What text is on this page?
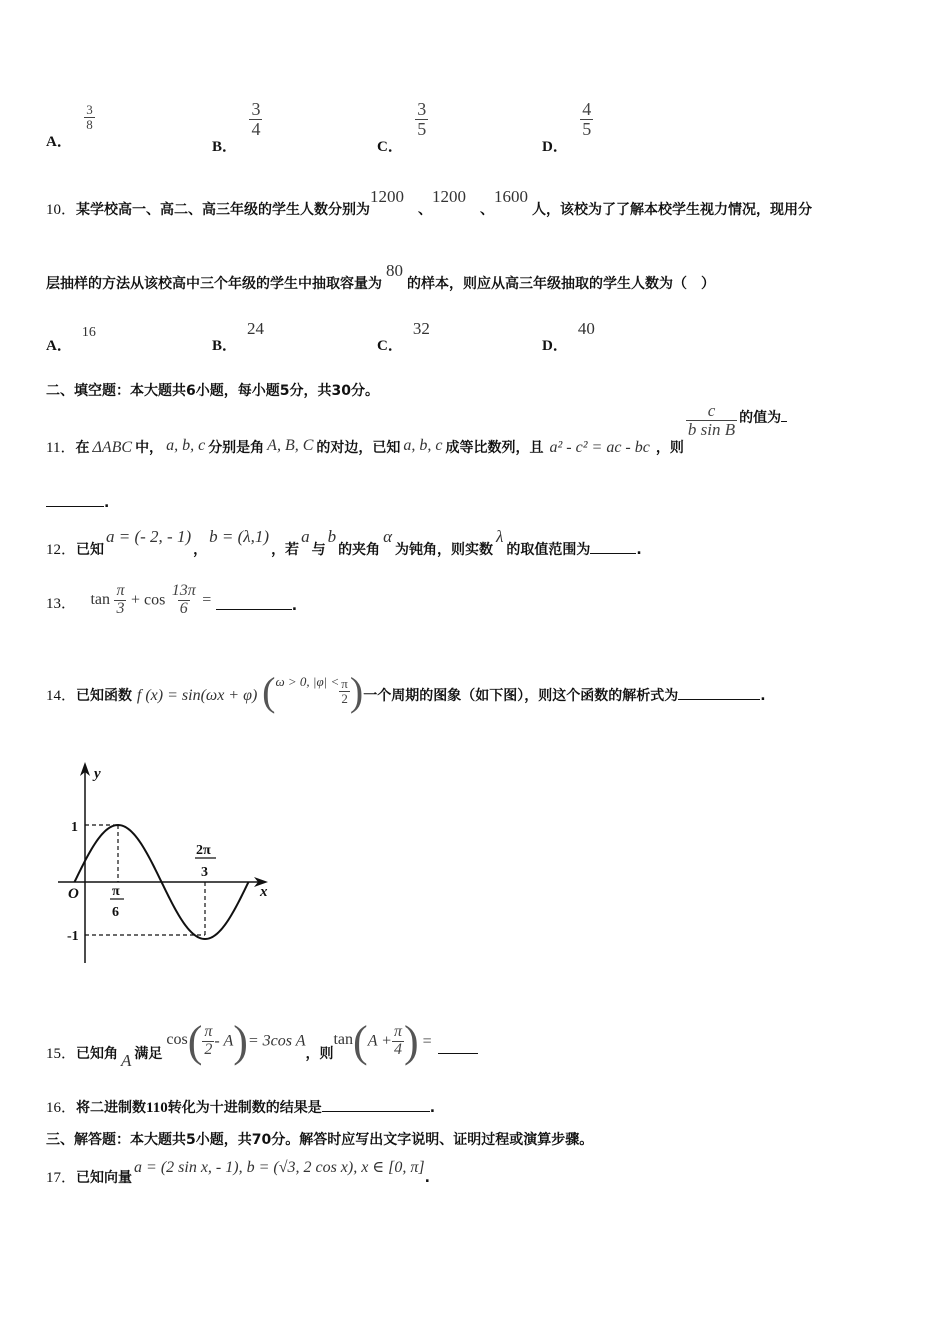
A．
$\frac{3}{8}$
B．
$\frac{3}{4}$
C．
$\frac{3}{5}$
D．
$\frac{4}{5}$
10．某学校高一、高二、高三年级的学生人数分别为1200、1200、1600人，该校为了了解本校学生视力情况，现用分
层抽样的方法从该校高中三个年级的学生中抽取容量为80的样本，则应从高三年级抽取的学生人数为（　）
A．16
B．24
C．32
D．40
二、填空题：本大题共6小题，每小题5分，共30分。
11．在 ΔABC 中， a, b, c 分别是角 A, B, C 的对边，已知 a, b, c 成等比数列，且 a² - c² = ac - bc ，则
$\frac{c}{\text{b sin B}}$ 的值为
.
12．已知a = (- 2, - 1)，b = (λ,1)，若a与b的夹角α为钝角，则实数λ的取值范围为	.
13． $\tan \frac{\pi}{3} + \cos \frac{13\pi}{6}$ =	.
14．已知函数 f (x) = sin(ωx + φ) (ω > 0, $|\varphi| < \frac{\pi}{2}$ )一个周期的图象（如下图），则这个函数的解析式为	.
y
x
O
1
-1
π
6
2π
3
15．已知角 A 满足$\cos( \frac{\pi}{2} - A)= 3\cos$ A，则$\tan(A + \frac{\pi}{4}$ ) =
16．将二进制数110转化为十进制数的结果是	.
三、解答题：本大题共5小题，共70分。解答时应写出文字说明、证明过程或演算步骤。
17．已知向量a = (2 sin x, - 1), b = (√3, 2 cos x), x ∈ [0, π].
